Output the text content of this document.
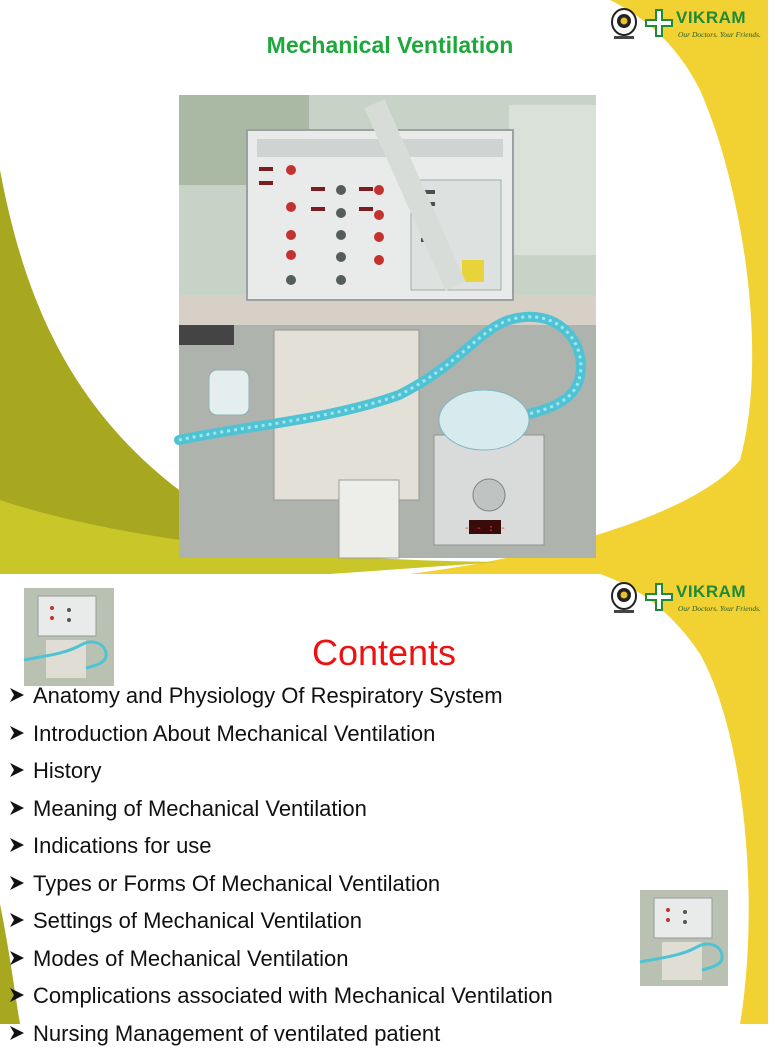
VIKRAM
Our Doctors. Your Friends.
Mechanical Ventilation
- - : -
VIKRAM
Our Doctors. Your Friends.
Contents
Anatomy and Physiology Of Respiratory System
Introduction About Mechanical Ventilation
History
Meaning of Mechanical Ventilation
Indications for use
Types or Forms Of Mechanical Ventilation
Settings of Mechanical Ventilation
Modes of Mechanical Ventilation
Complications associated with Mechanical Ventilation
Nursing Management of ventilated patient
